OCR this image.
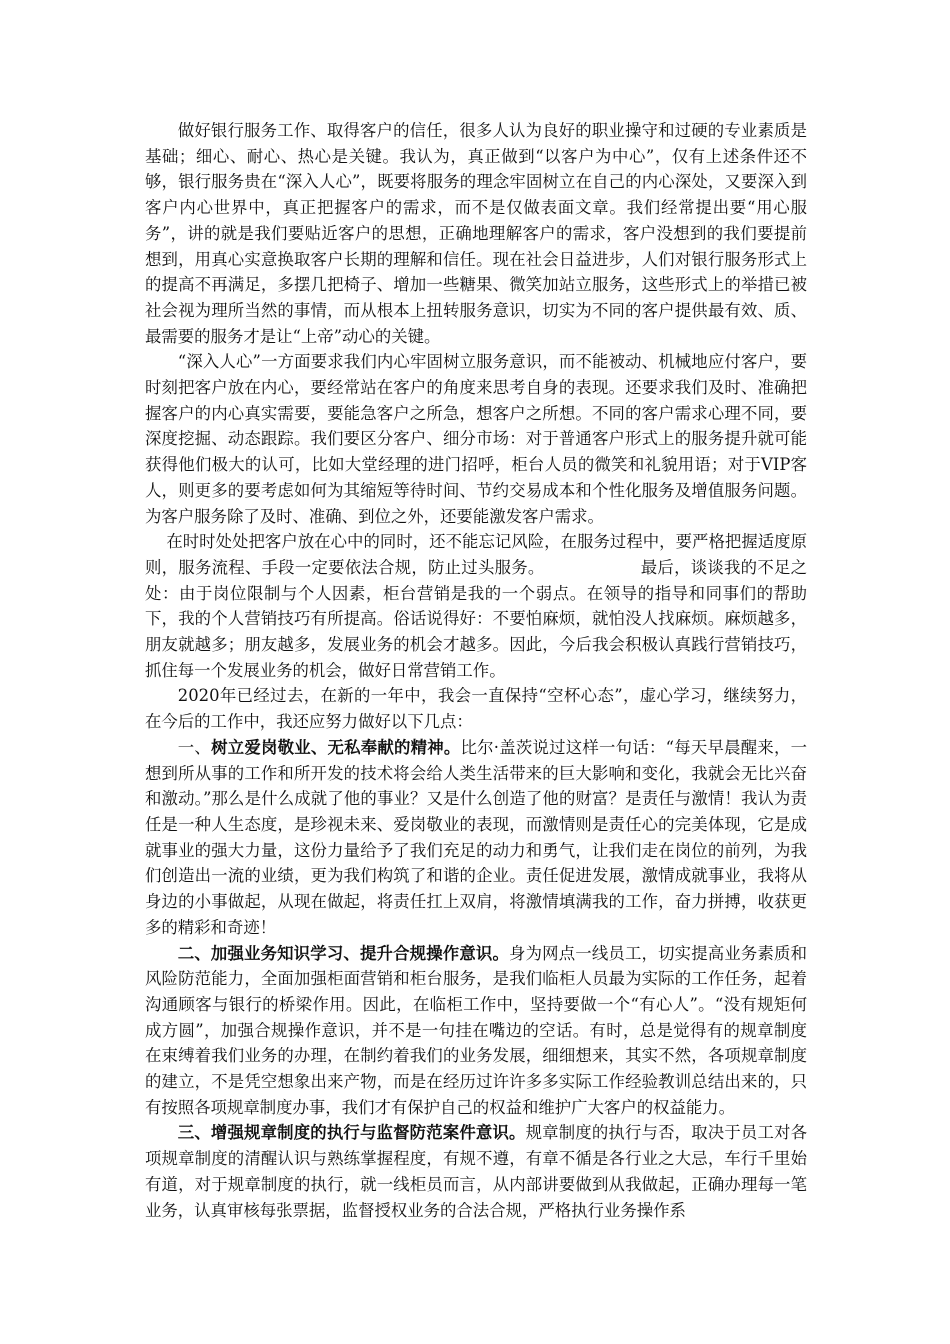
做好银行服务工作、取得客户的信任，很多人认为良好的职业操守和过硬的专业素质是基础；细心、耐心、热心是关键。我认为，真正做到“以客户为中心”，仅有上述条件还不够，银行服务贵在“深入人心”，既要将服务的理念牢固树立在自己的内心深处，又要深入到客户内心世界中，真正把握客户的需求，而不是仅做表面文章。我们经常提出要“用心服务”，讲的就是我们要贴近客户的思想，正确地理解客户的需求，客户没想到的我们要提前想到，用真心实意换取客户长期的理解和信任。现在社会日益进步，人们对银行服务形式上的提高不再满足，多摆几把椅子、增加一些糖果、微笑加站立服务，这些形式上的举措已被社会视为理所当然的事情，而从根本上扭转服务意识，切实为不同的客户提供最有效、质、最需要的服务才是让“上帝”动心的关键。

“深入人心”一方面要求我们内心牢固树立服务意识，而不能被动、机械地应付客户，要时刻把客户放在内心，要经常站在客户的角度来思考自身的表现。还要求我们及时、准确把握客户的内心真实需要，要能急客户之所急，想客户之所想。不同的客户需求心理不同，要深度挖掘、动态跟踪。我们要区分客户、细分市场：对于普通客户形式上的服务提升就可能获得他们极大的认可，比如大堂经理的进门招呼，柜台人员的微笑和礼貌用语；对于VIP客人，则更多的要考虑如何为其缩短等待时间、节约交易成本和个性化服务及增值服务问题。为客户服务除了及时、准确、到位之外，还要能激发客户需求。

在时时处处把客户放在心中的同时，还不能忘记风险，在服务过程中，要严格把握适度原则，服务流程、手段一定要依法合规，防止过头服务。	最后，谈谈我的不足之处：由于岗位限制与个人因素，柜台营销是我的一个弱点。在领导的指导和同事们的帮助下，我的个人营销技巧有所提高。俗话说得好：不要怕麻烦，就怕没人找麻烦。麻烦越多，朋友就越多；朋友越多，发展业务的机会才越多。因此，今后我会积极认真践行营销技巧，抓住每一个发展业务的机会，做好日常营销工作。

2020年已经过去，在新的一年中，我会一直保持“空杯心态”，虚心学习，继续努力，在今后的工作中，我还应努力做好以下几点：

一、树立爱岗敬业、无私奉献的精神。比尔·盖茨说过这样一句话：“每天早晨醒来，一想到所从事的工作和所开发的技术将会给人类生活带来的巨大影响和变化，我就会无比兴奋和激动。”那么是什么成就了他的事业？又是什么创造了他的财富？是责任与激情！我认为责任是一种人生态度，是珍视未来、爱岗敬业的表现，而激情则是责任心的完美体现，它是成就事业的强大力量，这份力量给予了我们充足的动力和勇气，让我们走在岗位的前列，为我们创造出一流的业绩，更为我们构筑了和谐的企业。责任促进发展，激情成就事业，我将从身边的小事做起，从现在做起，将责任扛上双肩，将激情填满我的工作，奋力拼搏，收获更多的精彩和奇迹！

二、加强业务知识学习、提升合规操作意识。身为网点一线员工，切实提高业务素质和风险防范能力，全面加强柜面营销和柜台服务，是我们临柜人员最为实际的工作任务，起着沟通顾客与银行的桥梁作用。因此，在临柜工作中，坚持要做一个“有心人”。“没有规矩何成方圆”，加强合规操作意识，并不是一句挂在嘴边的空话。有时，总是觉得有的规章制度在束缚着我们业务的办理，在制约着我们的业务发展，细细想来，其实不然，各项规章制度的建立，不是凭空想象出来产物，而是在经历过许许多多实际工作经验教训总结出来的，只有按照各项规章制度办事，我们才有保护自己的权益和维护广大客户的权益能力。

三、增强规章制度的执行与监督防范案件意识。规章制度的执行与否，取决于员工对各项规章制度的清醒认识与熟练掌握程度，有规不遵，有章不循是各行业之大忌，车行千里始有道，对于规章制度的执行，就一线柜员而言，从内部讲要做到从我做起，正确办理每一笔业务，认真审核每张票据，监督授权业务的合法合规，严格执行业务操作系
